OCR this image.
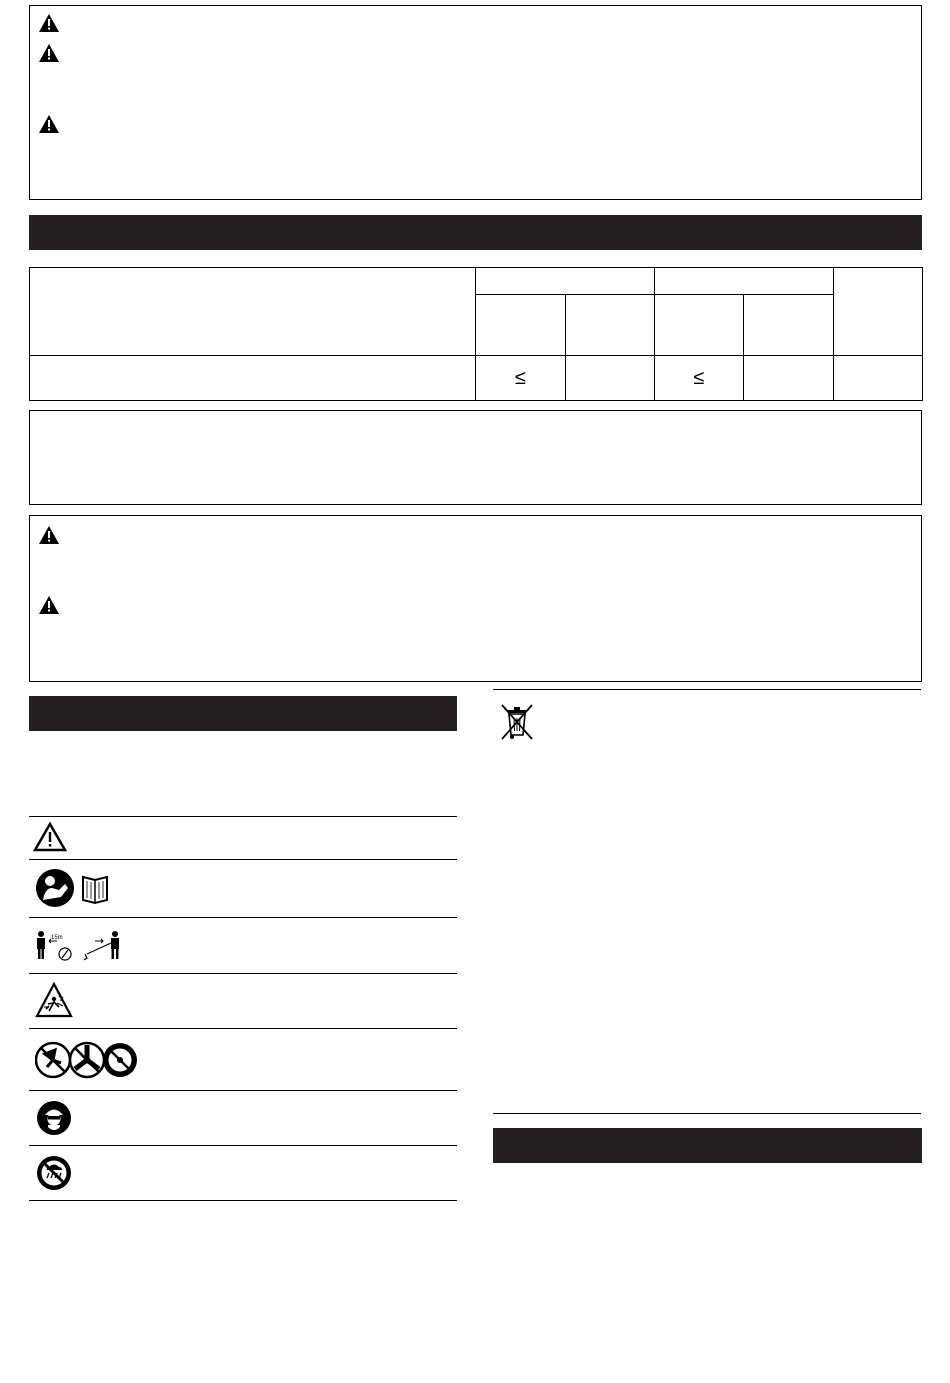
	≤		≤		
15m
